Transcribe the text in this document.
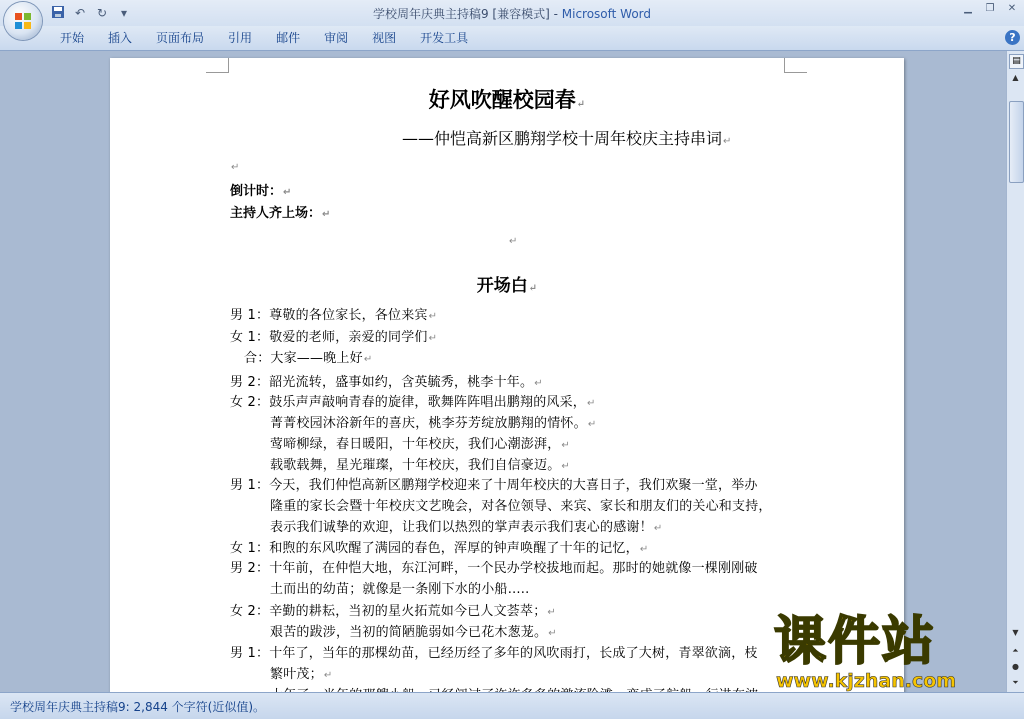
↶ ↻	▾	学校周年庆典主持稿9 [兼容模式] - Microsoft Word	▁	❐	✕
开始	插入	页面布局	引用	邮件	审阅	视图	开发工具	?
好风吹醒校园春↵
——仲恺高新区鹏翔学校十周年校庆主持串词↵
↵
倒计时：↵
主持人齐上场：↵
↵
开场白↵
男 1：尊敬的各位家长，各位来宾↵
女 1：敬爱的老师，亲爱的同学们↵
合：大家——晚上好↵
男 2：韶光流转，盛事如约，含英毓秀，桃李十年。↵
女 2：鼓乐声声敲响青春的旋律，歌舞阵阵唱出鹏翔的风采，↵
菁菁校园沐浴新年的喜庆，桃李芬芳绽放鹏翔的情怀。↵
莺啼柳绿，春日暖阳，十年校庆，我们心潮澎湃，↵
载歌载舞，星光璀璨，十年校庆，我们自信豪迈。↵
男 1：今天，我们仲恺高新区鹏翔学校迎来了十周年校庆的大喜日子，我们欢聚一堂，举办
隆重的家长会暨十年校庆文艺晚会，对各位领导、来宾、家长和朋友们的关心和支持，
表示我们诚挚的欢迎，让我们以热烈的掌声表示我们衷心的感谢！↵
女 1：和煦的东风吹醒了满园的春色，浑厚的钟声唤醒了十年的记忆，↵
男 2：十年前，在仲恺大地，东江河畔，一个民办学校拔地而起。那时的她就像一棵刚刚破
土而出的幼苗；就像是一条刚下水的小船…..
女 2：辛勤的耕耘，当初的星火拓荒如今已人文荟萃；↵
艰苦的跋涉，当初的简陋脆弱如今已花木葱茏。↵
男 1：十年了，当年的那棵幼苗，已经历经了多年的风吹雨打，长成了大树，青翠欲滴，枝
繁叶茂；↵
▤
▲
▼
⏶
●
⏷
课件站
www.kjzhan.com
学校周年庆典主持稿9: 2,844 个字符(近似值)。
